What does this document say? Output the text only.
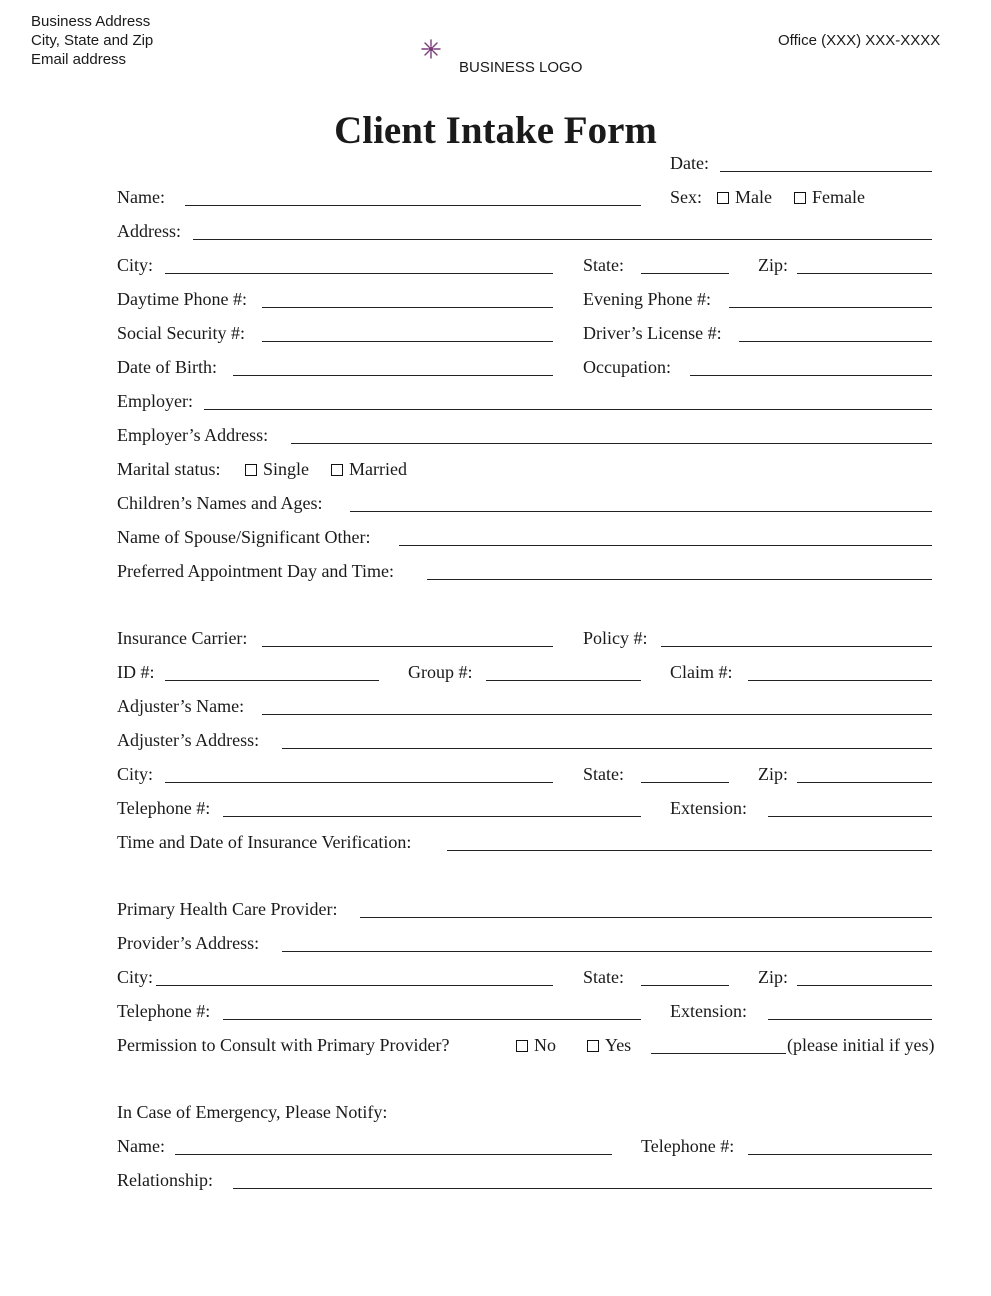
Business Address
City, State and Zip
Email address	BUSINESS LOGO
Office (XXX) XXX-XXXX
Client Intake Form
Date:
Name:	Sex:	Male	Female
Address:
City:	State:	Zip:
Daytime Phone #:	Evening Phone #:
Social Security #:	Driver’s License #:
Date of Birth:	Occupation:
Employer:
Employer’s Address:
Marital status:	Single	Married
Children’s Names and Ages:
Name of Spouse/Significant Other:
Preferred Appointment Day and Time:
Insurance Carrier:	Policy #:
ID #:	Group #:	Claim #:
Adjuster’s Name:
Adjuster’s Address:
City:	State:	Zip:
Telephone #:	Extension:
Time and Date of Insurance Verification:
Primary Health Care Provider:
Provider’s Address:
City:	State:	Zip:
Telephone #:	Extension:
Permission to Consult with Primary Provider?	No	Yes	(please initial if yes)
In Case of Emergency, Please Notify:
Name:	Telephone #:
Relationship:
